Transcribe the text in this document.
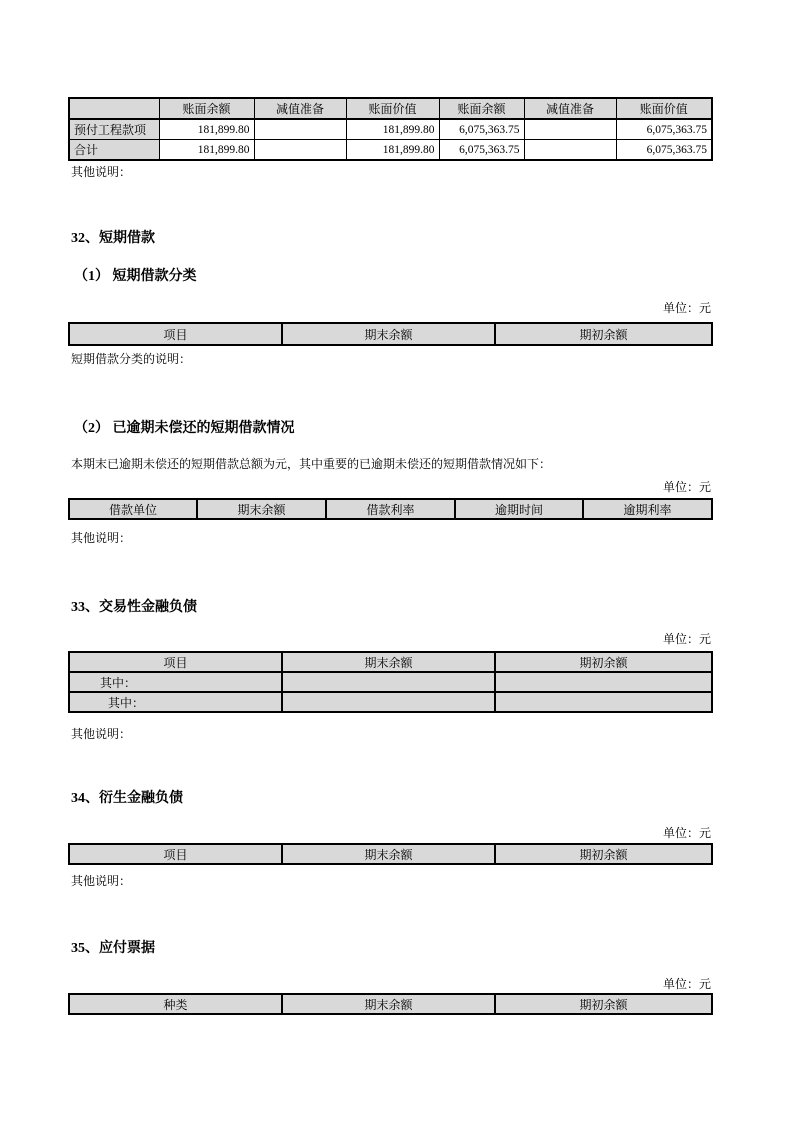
	账面余额	减值准备	账面价值	账面余额	减值准备	账面价值
预付工程款项	181,899.80		181,899.80	6,075,363.75		6,075,363.75
合计	181,899.80		181,899.80	6,075,363.75		6,075,363.75
其他说明：
32、短期借款
（1） 短期借款分类
单位：元
项目	期末余额	期初余额
短期借款分类的说明：
（2） 已逾期未偿还的短期借款情况
本期末已逾期未偿还的短期借款总额为元，其中重要的已逾期未偿还的短期借款情况如下：
单位：元
借款单位	期末余额	借款利率	逾期时间	逾期利率
其他说明：
33、交易性金融负债
单位：元
项目	期末余额	期初余额
其中：		
其中：		
其他说明：
34、衍生金融负债
单位：元
项目	期末余额	期初余额
其他说明：
35、应付票据
单位：元
种类	期末余额	期初余额
